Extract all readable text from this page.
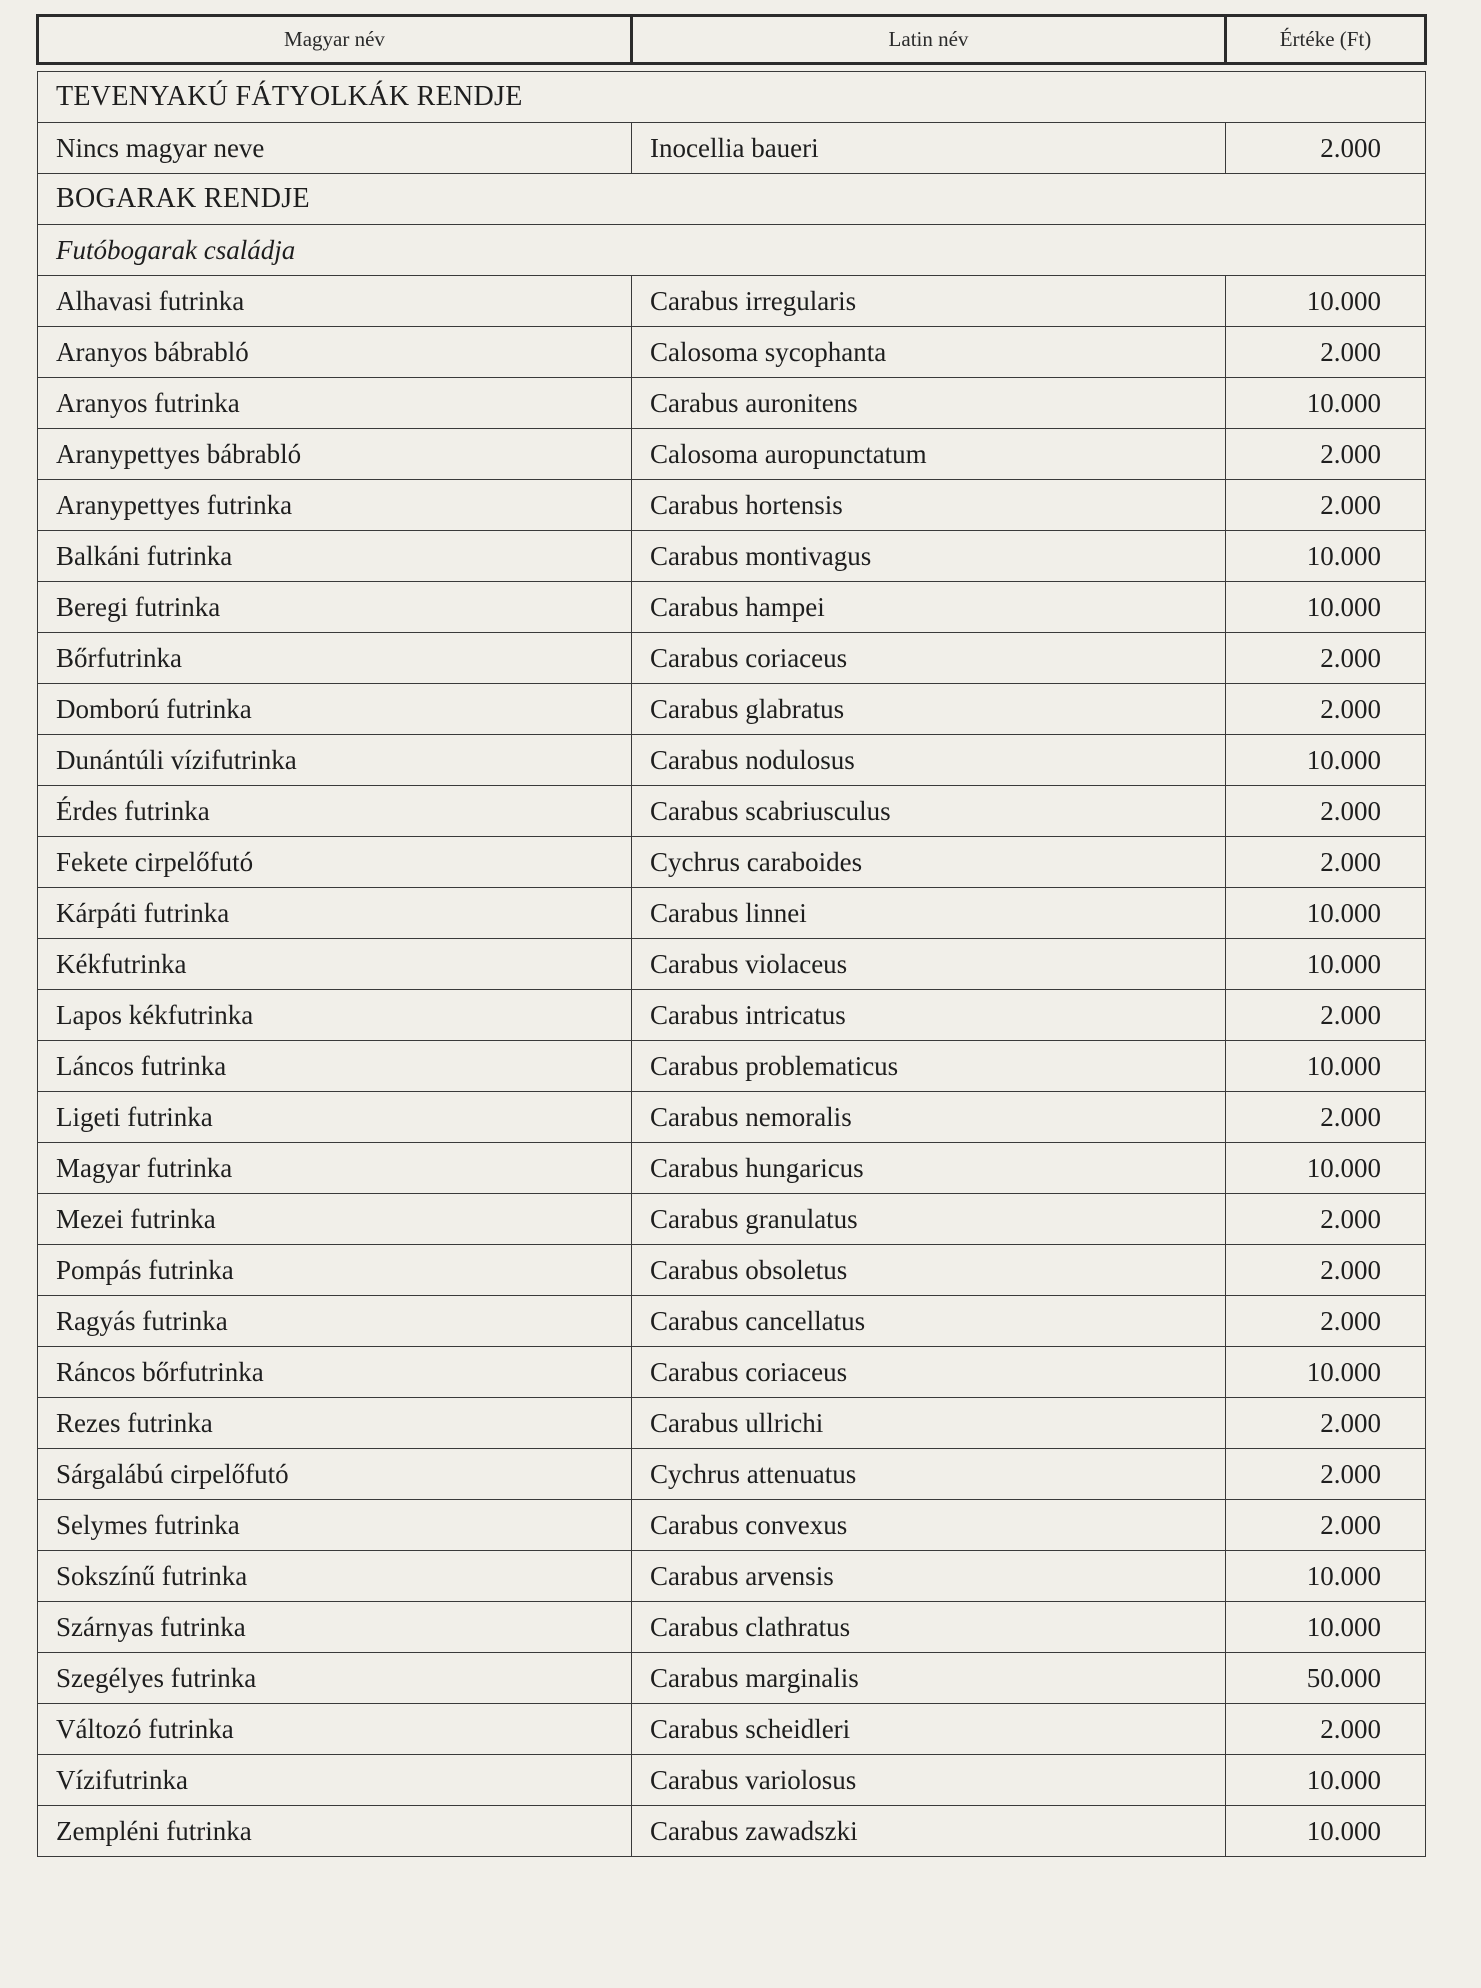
Magyar név	Latin név	Értéke (Ft)

TEVENYAKÚ FÁTYOLKÁK RENDJE		
Nincs magyar neve	Inocellia baueri	2.000
BOGARAK RENDJE		
Futóbogarak családja		
Alhavasi futrinka	Carabus irregularis	10.000
Aranyos bábrabló	Calosoma sycophanta	2.000
Aranyos futrinka	Carabus auronitens	10.000
Aranypettyes bábrabló	Calosoma auropunctatum	2.000
Aranypettyes futrinka	Carabus hortensis	2.000
Balkáni futrinka	Carabus montivagus	10.000
Beregi futrinka	Carabus hampei	10.000
Bőrfutrinka	Carabus coriaceus	2.000
Domború futrinka	Carabus glabratus	2.000
Dunántúli vízifutrinka	Carabus nodulosus	10.000
Érdes futrinka	Carabus scabriusculus	2.000
Fekete cirpelőfutó	Cychrus caraboides	2.000
Kárpáti futrinka	Carabus linnei	10.000
Kékfutrinka	Carabus violaceus	10.000
Lapos kékfutrinka	Carabus intricatus	2.000
Láncos futrinka	Carabus problematicus	10.000
Ligeti futrinka	Carabus nemoralis	2.000
Magyar futrinka	Carabus hungaricus	10.000
Mezei futrinka	Carabus granulatus	2.000
Pompás futrinka	Carabus obsoletus	2.000
Ragyás futrinka	Carabus cancellatus	2.000
Ráncos bőrfutrinka	Carabus coriaceus	10.000
Rezes futrinka	Carabus ullrichi	2.000
Sárgalábú cirpelőfutó	Cychrus attenuatus	2.000
Selymes futrinka	Carabus convexus	2.000
Sokszínű futrinka	Carabus arvensis	10.000
Szárnyas futrinka	Carabus clathratus	10.000
Szegélyes futrinka	Carabus marginalis	50.000
Változó futrinka	Carabus scheidleri	2.000
Vízifutrinka	Carabus variolosus	10.000
Zempléni futrinka	Carabus zawadszki	10.000
